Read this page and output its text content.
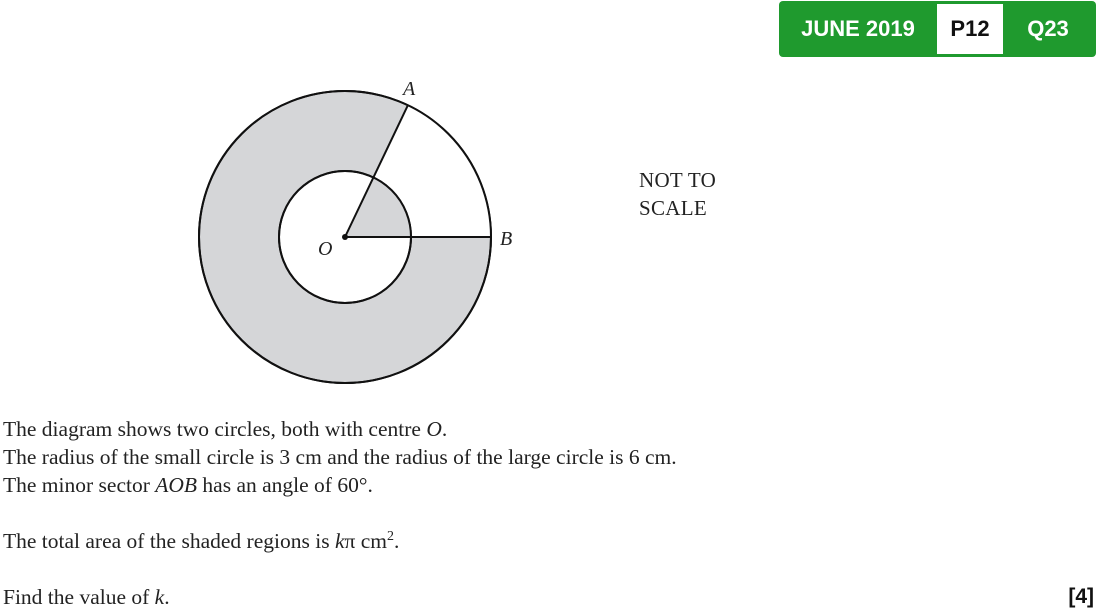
JUNE 2019	P12	Q23
A
B
O
NOT TO
SCALE
The diagram shows two circles, both with centre O.
The radius of the small circle is 3 cm and the radius of the large circle is 6 cm.
The minor sector AOB has an angle of 60°.
The total area of the shaded regions is kπ $cm^2$.
Find the value of k.	[4]
